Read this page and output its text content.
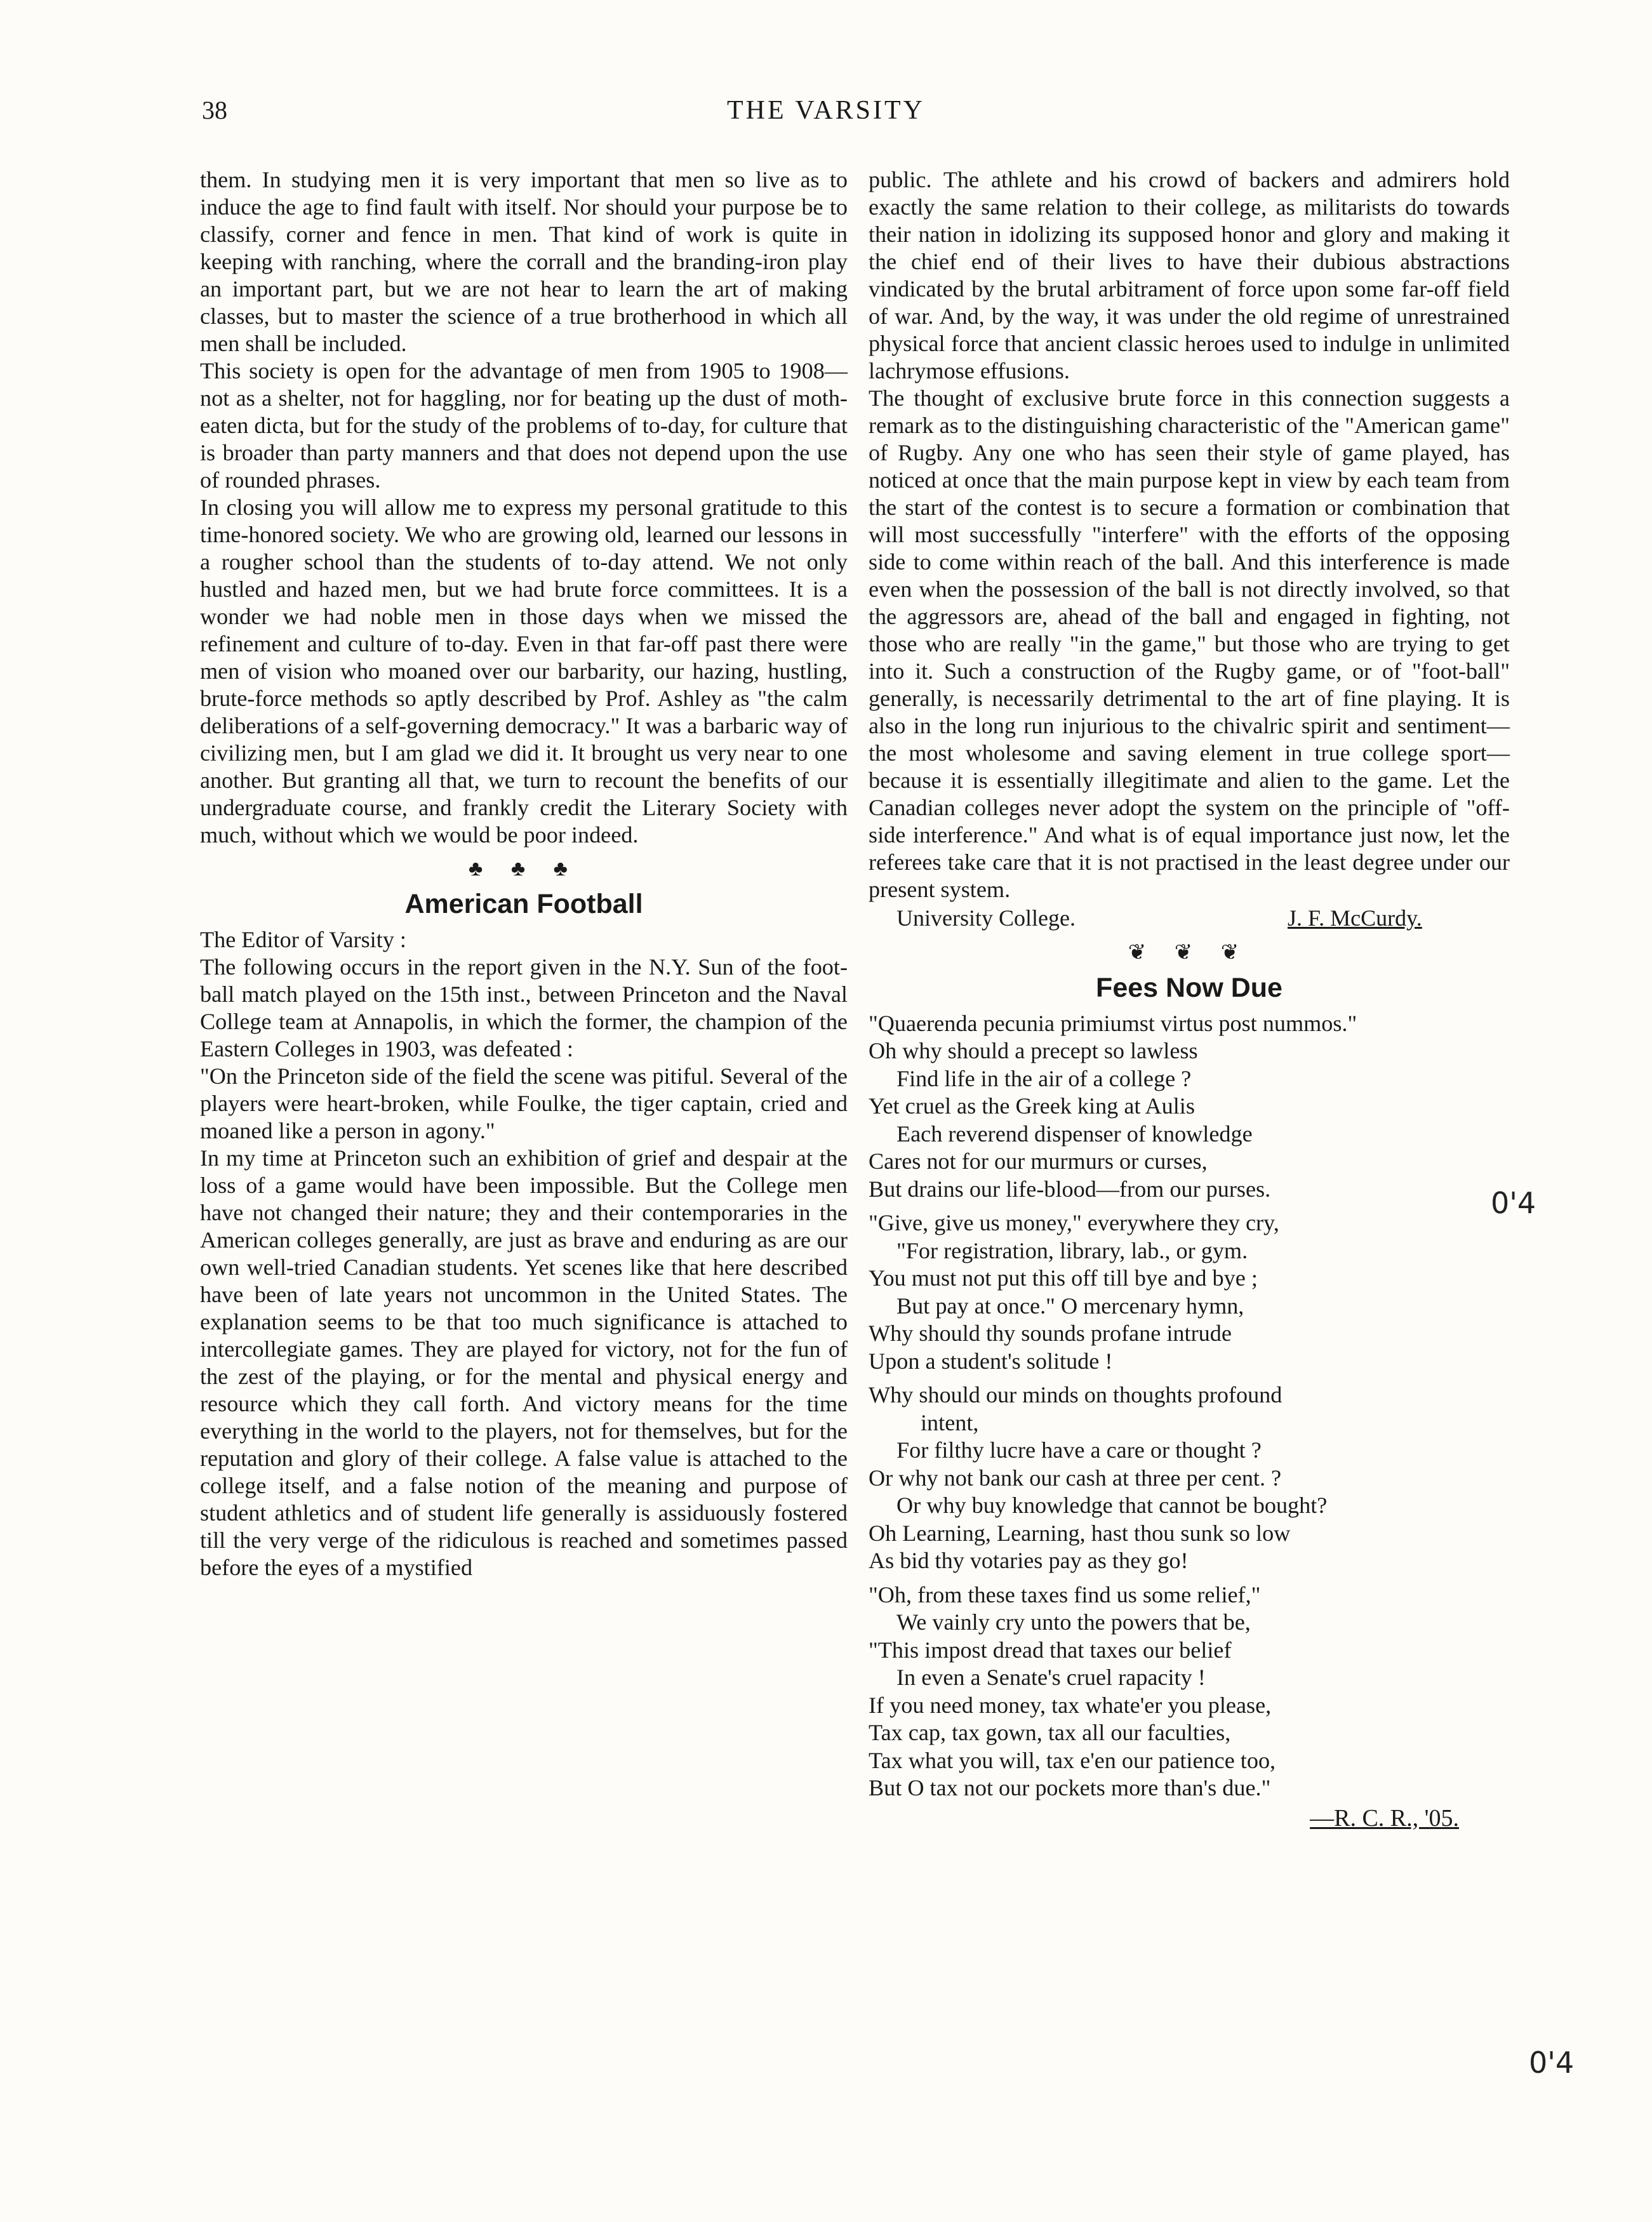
38	THE VARSITY

them. In studying men it is very important that men so live as to induce the age to find fault with itself. Nor should your purpose be to classify, corner and fence in men. That kind of work is quite in keeping with ranching, where the corrall and the branding-iron play an important part, but we are not hear to learn the art of making classes, but to master the science of a true brotherhood in which all men shall be included.

This society is open for the advantage of men from 1905 to 1908—not as a shelter, not for haggling, nor for beating up the dust of moth-eaten dicta, but for the study of the problems of to-day, for culture that is broader than party manners and that does not depend upon the use of rounded phrases.

In closing you will allow me to express my personal gratitude to this time-honored society. We who are growing old, learned our lessons in a rougher school than the students of to-day attend. We not only hustled and hazed men, but we had brute force committees. It is a wonder we had noble men in those days when we missed the refinement and culture of to-day. Even in that far-off past there were men of vision who moaned over our barbarity, our hazing, hustling, brute-force methods so aptly described by Prof. Ashley as "the calm deliberations of a self-governing democracy." It was a barbaric way of civilizing men, but I am glad we did it. It brought us very near to one another. But granting all that, we turn to recount the benefits of our undergraduate course, and frankly credit the Literary Society with much, without which we would be poor indeed.

♣ ♣ ♣
American Football

The Editor of Varsity :

The following occurs in the report given in the N.Y. Sun of the foot-ball match played on the 15th inst., between Princeton and the Naval College team at Annapolis, in which the former, the champion of the Eastern Colleges in 1903, was defeated :

"On the Princeton side of the field the scene was pitiful. Several of the players were heart-broken, while Foulke, the tiger captain, cried and moaned like a person in agony."

In my time at Princeton such an exhibition of grief and despair at the loss of a game would have been impossible. But the College men have not changed their nature; they and their contemporaries in the American colleges generally, are just as brave and enduring as are our own well-tried Canadian students. Yet scenes like that here described have been of late years not uncommon in the United States. The explanation seems to be that too much significance is attached to intercollegiate games. They are played for victory, not for the fun of the zest of the playing, or for the mental and physical energy and resource which they call forth. And victory means for the time everything in the world to the players, not for themselves, but for the reputation and glory of their college. A false value is attached to the college itself, and a false notion of the meaning and purpose of student athletics and of student life generally is assiduously fostered till the very verge of the ridiculous is reached and sometimes passed before the eyes of a mystified

public. The athlete and his crowd of backers and admirers hold exactly the same relation to their college, as militarists do towards their nation in idolizing its supposed honor and glory and making it the chief end of their lives to have their dubious abstractions vindicated by the brutal arbitrament of force upon some far-off field of war. And, by the way, it was under the old regime of unrestrained physical force that ancient classic heroes used to indulge in unlimited lachrymose effusions.

The thought of exclusive brute force in this connection suggests a remark as to the distinguishing characteristic of the "American game" of Rugby. Any one who has seen their style of game played, has noticed at once that the main purpose kept in view by each team from the start of the contest is to secure a formation or combination that will most successfully "interfere" with the efforts of the opposing side to come within reach of the ball. And this interference is made even when the possession of the ball is not directly involved, so that the aggressors are, ahead of the ball and engaged in fighting, not those who are really "in the game," but those who are trying to get into it. Such a construction of the Rugby game, or of "foot-ball" generally, is necessarily detrimental to the art of fine playing. It is also in the long run injurious to the chivalric spirit and sentiment—the most wholesome and saving element in true college sport—because it is essentially illegitimate and alien to the game. Let the Canadian colleges never adopt the system on the principle of "off-side interference." And what is of equal importance just now, let the referees take care that it is not practised in the least degree under our present system.

University College.	J. F. McCurdy.
❦ ❦ ❦
Fees Now Due

"Quaerenda pecunia primiumst virtus post nummos."

Oh why should a precept so lawless
Find life in the air of a college ?
Yet cruel as the Greek king at Aulis
Each reverend dispenser of knowledge
Cares not for our murmurs or curses,
But drains our life-blood—from our purses.
"Give, give us money," everywhere they cry,
"For registration, library, lab., or gym.
You must not put this off till bye and bye ;
But pay at once." O mercenary hymn,
Why should thy sounds profane intrude
Upon a student's solitude !
Why should our minds on thoughts profound
intent,
For filthy lucre have a care or thought ?
Or why not bank our cash at three per cent. ?
Or why buy knowledge that cannot be bought?
Oh Learning, Learning, hast thou sunk so low
As bid thy votaries pay as they go!
"Oh, from these taxes find us some relief,"
We vainly cry unto the powers that be,
"This impost dread that taxes our belief
In even a Senate's cruel rapacity !
If you need money, tax whate'er you please,
Tax cap, tax gown, tax all our faculties,
Tax what you will, tax e'en our patience too,
But O tax not our pockets more than's due."
—R. C. R., '05.
0'4
0'4
